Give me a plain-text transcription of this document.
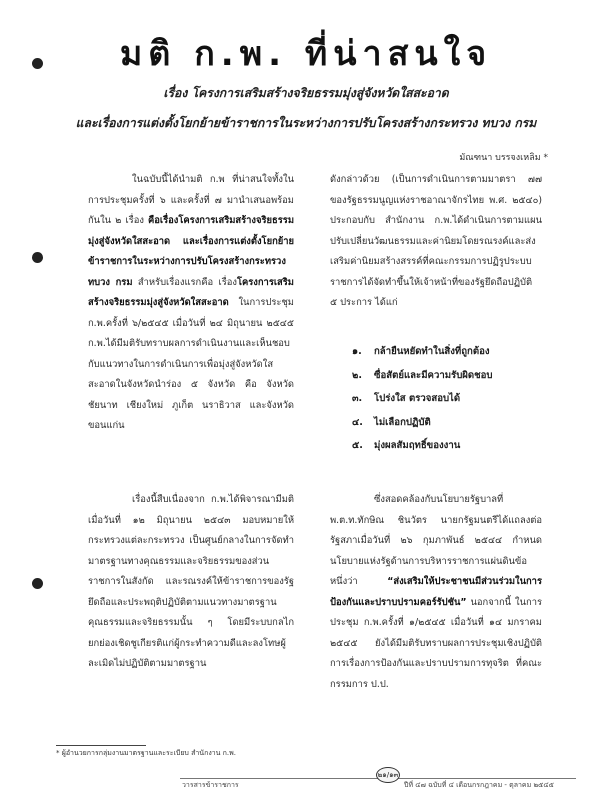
มติ ก.พ. ที่น่าสนใจ
เรื่อง โครงการเสริมสร้างจริยธรรมมุ่งสู่จังหวัดใสสะอาด
และเรื่องการแต่งตั้งโยกย้ายข้าราชการในระหว่างการปรับโครงสร้างกระทรวง ทบวง กรม
มัณฑนา บรรจงเหลิม *

ในฉบับนี้ได้นำมติ ก.พ ที่น่าสนใจทั้งในการประชุมครั้งที่ ๖ และครั้งที่ ๗ มานำเสนอพร้อมกันใน ๒ เรื่อง คือเรื่องโครงการเสริมสร้างจริยธรรมมุ่งสู่จังหวัดใสสะอาด และเรื่องการแต่งตั้งโยกย้ายข้าราชการในระหว่างการปรับโครงสร้างกระทรวง ทบวง กรม สำหรับเรื่องแรกคือ เรื่องโครงการเสริมสร้างจริยธรรมมุ่งสู่จังหวัดใสสะอาด ในการประชุม ก.พ.ครั้งที่ ๖/๒๕๔๕ เมื่อวันที่ ๒๔ มิถุนายน ๒๕๔๕ ก.พ.ได้มีมติรับทราบผลการดำเนินงานและเห็นชอบกับแนวทางในการดำเนินการเพื่อมุ่งสู่จังหวัดใสสะอาดในจังหวัดนำร่อง ๕ จังหวัด คือ จังหวัดชัยนาท เชียงใหม่ ภูเก็ต นราธิวาส และจังหวัดขอนแก่น

เรื่องนี้สืบเนื่องจาก ก.พ.ได้พิจารณามีมติเมื่อวันที่ ๑๒ มิถุนายน ๒๕๔๓ มอบหมายให้กระทรวงแต่ละกระทรวง เป็นศูนย์กลางในการจัดทำมาตรฐานทางคุณธรรมและจริยธรรมของส่วนราชการในสังกัด และรณรงค์ให้ข้าราชการของรัฐยึดถือและประพฤติปฏิบัติตามแนวทางมาตรฐานคุณธรรมและจริยธรรมนั้น ๆ โดยมีระบบกลไกยกย่องเชิดชูเกียรติแก่ผู้กระทำความดีและลงโทษผู้ละเมิดไม่ปฏิบัติตามมาตรฐาน

ดังกล่าวด้วย (เป็นการดำเนินการตามมาตรา ๗๗ ของรัฐธรรมนูญแห่งราชอาณาจักรไทย พ.ศ. ๒๕๔๐) ประกอบกับ สำนักงาน ก.พ.ได้ดำเนินการตามแผนปรับเปลี่ยนวัฒนธรรมและค่านิยมโดยรณรงค์และส่งเสริมค่านิยมสร้างสรรค์ที่คณะกรรมการปฏิรูประบบราชการได้จัดทำขึ้นให้เจ้าหน้าที่ของรัฐยึดถือปฏิบัติ ๕ ประการ ได้แก่

๑. กล้ายืนหยัดทำในสิ่งที่ถูกต้อง
๒. ซื่อสัตย์และมีความรับผิดชอบ
๓. โปร่งใส ตรวจสอบได้
๔. ไม่เลือกปฏิบัติ
๕. มุ่งผลสัมฤทธิ์ของงาน

ซึ่งสอดคล้องกับนโยบายรัฐบาลที่ พ.ต.ท.ทักษิณ ชินวัตร นายกรัฐมนตรีได้แถลงต่อรัฐสภาเมื่อวันที่ ๒๖ กุมภาพันธ์ ๒๕๔๔ กำหนดนโยบายแห่งรัฐด้านการบริหารราชการแผ่นดินข้อหนึ่งว่า “ส่งเสริมให้ประชาชนมีส่วนร่วมในการป้องกันและปราบปรามคอร์รัปชัน” นอกจากนี้ ในการประชุม ก.พ.ครั้งที่ ๑/๒๕๔๕ เมื่อวันที่ ๑๔ มกราคม ๒๕๔๕ ยังได้มีมติรับทราบผลการประชุมเชิงปฏิบัติการเรื่องการป้องกันและปราบปรามการทุจริต ที่คณะกรรมการ ป.ป.

* ผู้อำนวยการกลุ่มงานมาตรฐานและระเบียบ สำนักงาน ก.พ.
วารสารข้าราชการ
๒๑/๑๓
ปีที่ ๔๗ ฉบับที่ ๔ เดือนกรกฎาคม - ตุลาคม ๒๕๔๕
